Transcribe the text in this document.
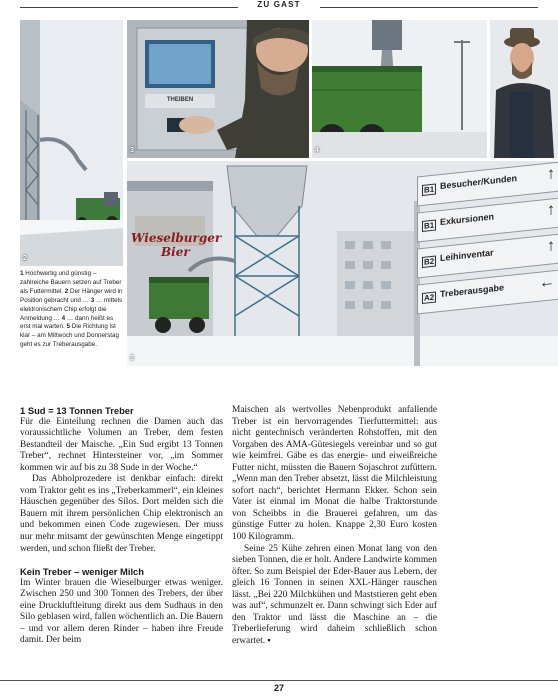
ZU GAST
2
THEIBEN
3	4
Wieselburger
Bier
B1 Besucher/Kunden ↑
B1 Exkursionen
↑
B2 Leihinventar
↑
A2 Treberausgabe ←
5
1 Hochwertig und günstig – zahlreiche Bauern setzen auf Treber als Futtermittel. 2 Der Hänger wird in Position gebracht und … 3 … mittels elektronischem Chip erfolgt die Anmeldung … 4 … dann heißt es erst mal warten. 5 Die Richtung ist klar – am Mittwoch und Donnerstag geht es zur Treberausgabe.

1 Sud = 13 Tonnen Treber

Für die Einteilung rechnen die Damen auch das voraussichtliche Volumen an Treber, dem festen Bestandteil der Maische. „Ein Sud ergibt 13 Tonnen Treber“, rechnet Hintersteiner vor, „im Sommer kommen wir auf bis zu 38 Sude in der Woche.“

Das Abholprozedere ist denkbar einfach: direkt vom Traktor geht es ins „Treberkammerl“, ein kleines Häuschen gegenüber des Silos. Dort melden sich die Bauern mit ihrem persönlichen Chip elektronisch an und bekommen einen Code zugewiesen. Der muss nur mehr mitsamt der gewünschten Menge eingetippt werden, und schon fließt der Treber.

Kein Treber – weniger Milch

Im Winter brauen die Wieselburger etwas weniger. Zwischen 250 und 300 Tonnen des Trebers, der über eine Druckluftleitung direkt aus dem Sudhaus in den Silo geblasen wird, fallen wöchentlich an. Die Bauern – und vor allem deren Rinder – haben ihre Freude damit. Der beim

Maischen als wertvolles Nebenprodukt anfallende Treber ist ein hervorragendes Tierfuttermittel: aus nicht gentechnisch veränderten Rohstoffen, mit den Vorgaben des AMA-Gütesiegels vereinbar und so gut wie keimfrei. Gäbe es das energie- und eiweißreiche Futter nicht, müssten die Bauern Sojaschrot zufüttern. „Wenn man den Treber absetzt, lässt die Milchleistung sofort nach“, berichtet Hermann Ekker. Schon sein Vater ist einmal im Monat die halbe Traktorstunde von Scheibbs in die Brauerei gefahren, um das günstige Futter zu holen. Knappe 2,30 Euro kosten 100 Kilogramm.

Seine 25 Kühe zehren einen Monat lang von den sieben Tonnen, die er holt. Andere Landwirte kommen öfter. So zum Beispiel der Eder-Bauer aus Lebern, der gleich 16 Tonnen in seinen XXL-Hänger rauschen lässt. „Bei 220 Milchkühen und Maststieren geht eben was auf“, schmunzelt er. Dann schwingt sich Eder auf den Traktor und lässt die Maschine an – die Treberlieferung wird daheim schließlich schon erwartet. ▪

27
